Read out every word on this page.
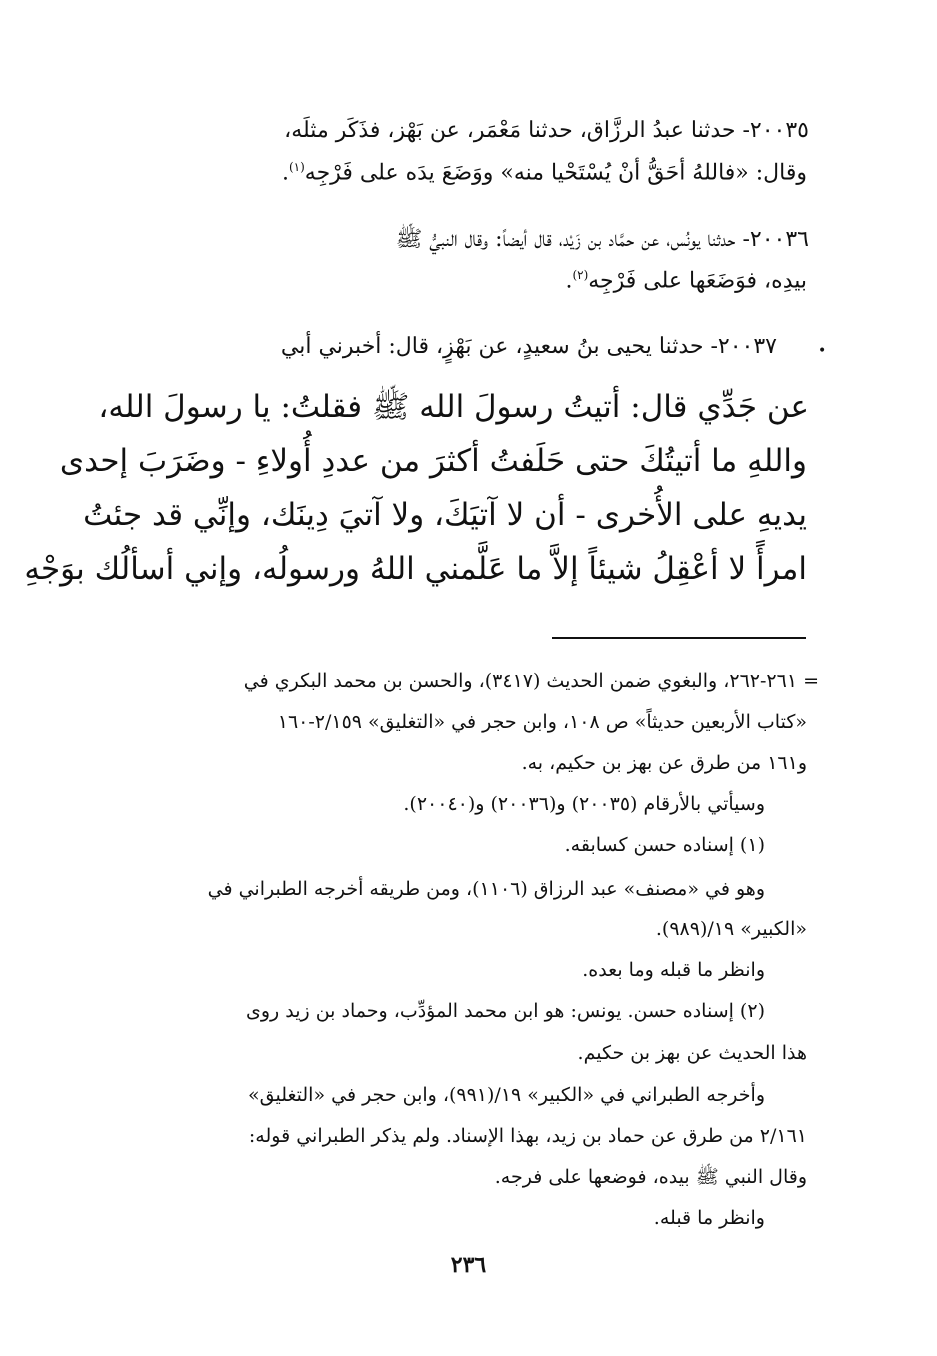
٢٠٠٣٥- حدثنا عبدُ الرزَّاق، حدثنا مَعْمَر، عن بَهْز، فذَكَر مثلَه،

وقال: «فاللهُ أحَقُّ أنْ يُسْتَحْيا منه» ووَضَعَ يدَه على فَرْجِه$^{(١)}$.

٢٠٠٣٦- حدثنا يونُس، عن حمَّاد بن زَيْد، قال أيضاً: وقال النبيُّ ﷺ

بيدِه، فوَضَعَها على فَرْجِه$^{(٢)}$.

٢٠٠٣٧- حدثنا يحيى بنُ سعيدٍ، عن بَهْزٍ، قال: أخبرني أبي	•

عن جَدِّي قال: أتيتُ رسولَ الله ﷺ فقلتُ: يا رسولَ الله،

واللهِ ما أتيتُكَ حتى حَلَفتُ أكثرَ من عددِ أُولاءِ - وضَرَبَ إحدى

يديهِ على الأُخرى - أن لا آتيَكَ، ولا آتيَ دِينَك، وإنِّي قد جئتُ

امرأً لا أعْقِلُ شيئاً إلاَّ ما عَلَّمني اللهُ ورسولُه، وإني أسألُك بوَجْهِ

= ٢٦١-٢٦٢، والبغوي ضمن الحديث (٣٤١٧)، والحسن بن محمد البكري في

«كتاب الأربعين حديثاً» ص ١٠٨، وابن حجر في «التغليق» ٢/١٥٩-١٦٠

و١٦١ من طرق عن بهز بن حكيم، به.

وسيأتي بالأرقام (٢٠٠٣٥) و(٢٠٠٣٦) و(٢٠٠٤٠).

(١) إسناده حسن كسابقه.

وهو في «مصنف» عبد الرزاق (١١٠٦)، ومن طريقه أخرجه الطبراني في

«الكبير» ١٩/(٩٨٩).

وانظر ما قبله وما بعده.

(٢) إسناده حسن. يونس: هو ابن محمد المؤدِّب، وحماد بن زيد روى

هذا الحديث عن بهز بن حكيم.

وأخرجه الطبراني في «الكبير» ١٩/(٩٩١)، وابن حجر في «التغليق»

٢/١٦١ من طرق عن حماد بن زيد، بهذا الإسناد. ولم يذكر الطبراني قوله:

وقال النبي ﷺ بيده، فوضعها على فرجه.

وانظر ما قبله.

٢٣٦
